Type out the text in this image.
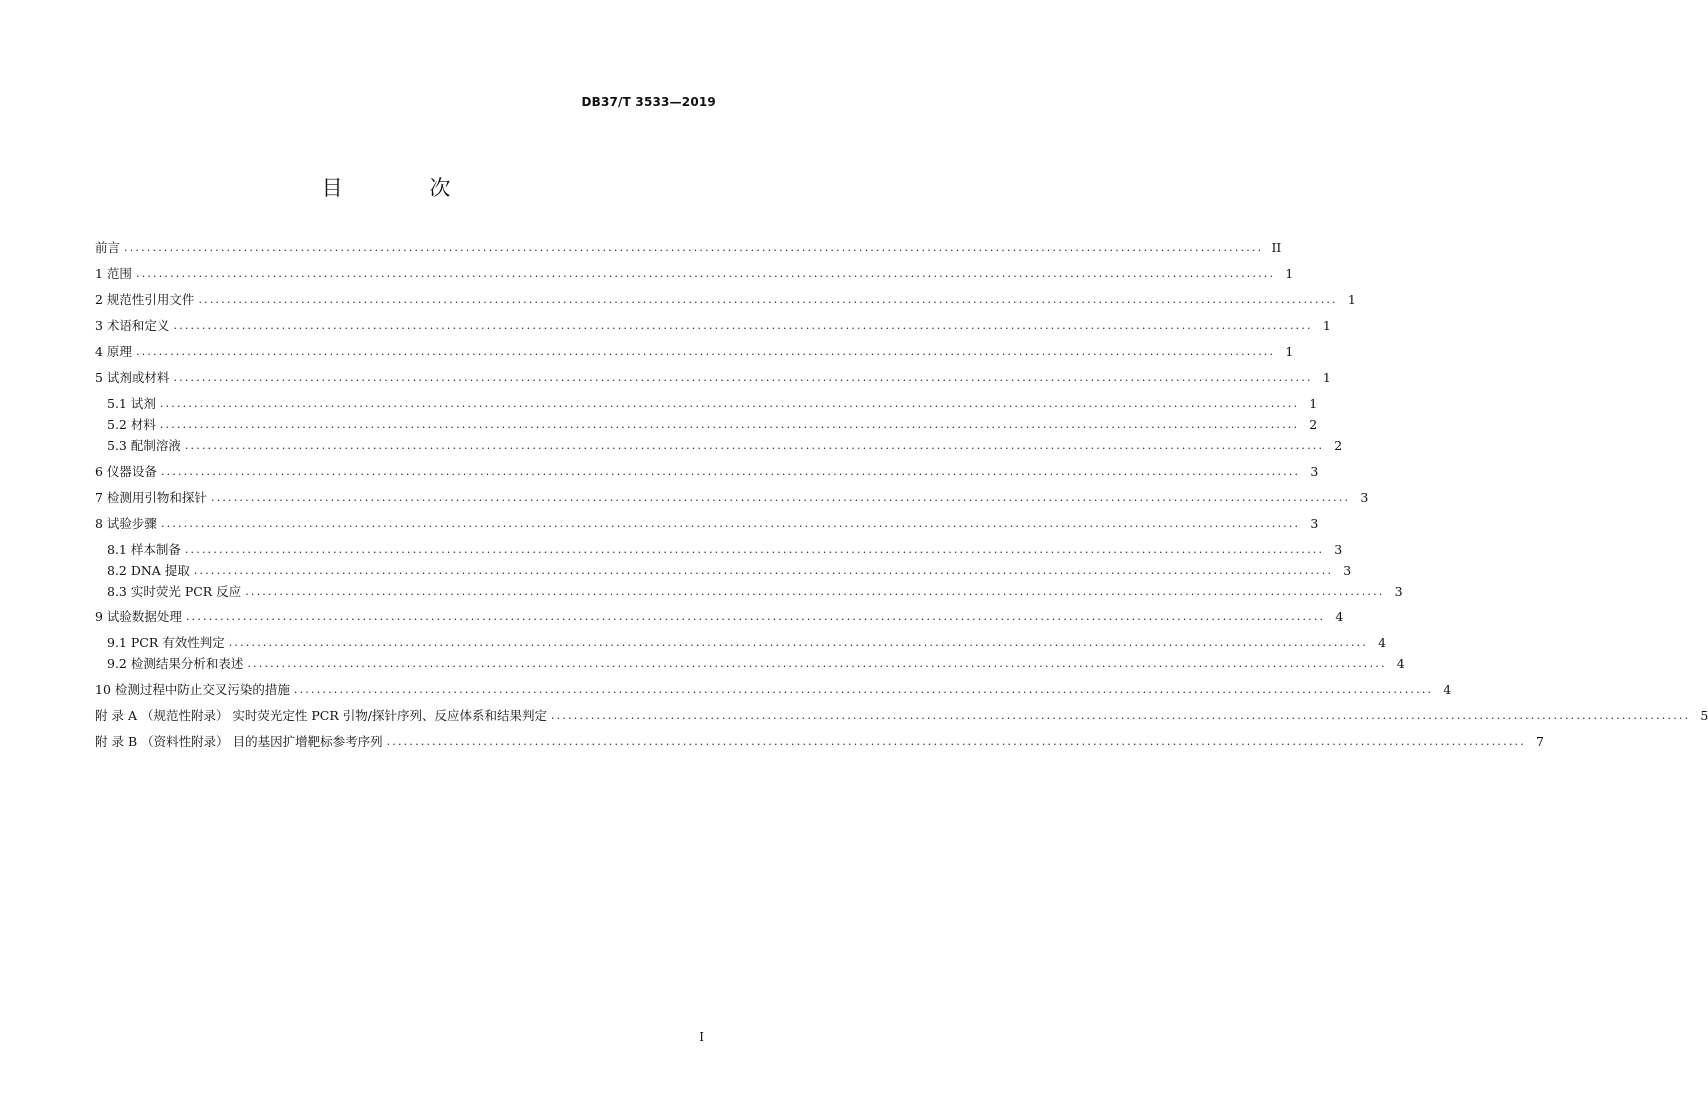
DB37/T 3533—2019
目 次
前言 ........................................................................................................................................................................................................ II
1 范围 ........................................................................................................................................................................................................ 1
2 规范性引用文件 ........................................................................................................................................................................................................ 1
3 术语和定义 ........................................................................................................................................................................................................ 1
4 原理 ........................................................................................................................................................................................................ 1
5 试剂或材料 ........................................................................................................................................................................................................ 1
5.1 试剂 ........................................................................................................................................................................................................ 1
5.2 材料 ........................................................................................................................................................................................................ 2
5.3 配制溶液 ........................................................................................................................................................................................................ 2
6 仪器设备 ........................................................................................................................................................................................................ 3
7 检测用引物和探针 ........................................................................................................................................................................................................ 3
8 试验步骤 ........................................................................................................................................................................................................ 3
8.1 样本制备 ........................................................................................................................................................................................................ 3
8.2 DNA 提取 ........................................................................................................................................................................................................ 3
8.3 实时荧光 PCR 反应 ........................................................................................................................................................................................................ 3
9 试验数据处理 ........................................................................................................................................................................................................ 4
9.1 PCR 有效性判定 ........................................................................................................................................................................................................ 4
9.2 检测结果分析和表述 ........................................................................................................................................................................................................ 4
10 检测过程中防止交叉污染的措施 ........................................................................................................................................................................................................ 4
附 录 A （规范性附录） 实时荧光定性 PCR 引物/探针序列、反应体系和结果判定 ........................................................................................................................................................................................................ 5
附 录 B （资料性附录） 目的基因扩增靶标参考序列 ........................................................................................................................................................................................................ 7
I
